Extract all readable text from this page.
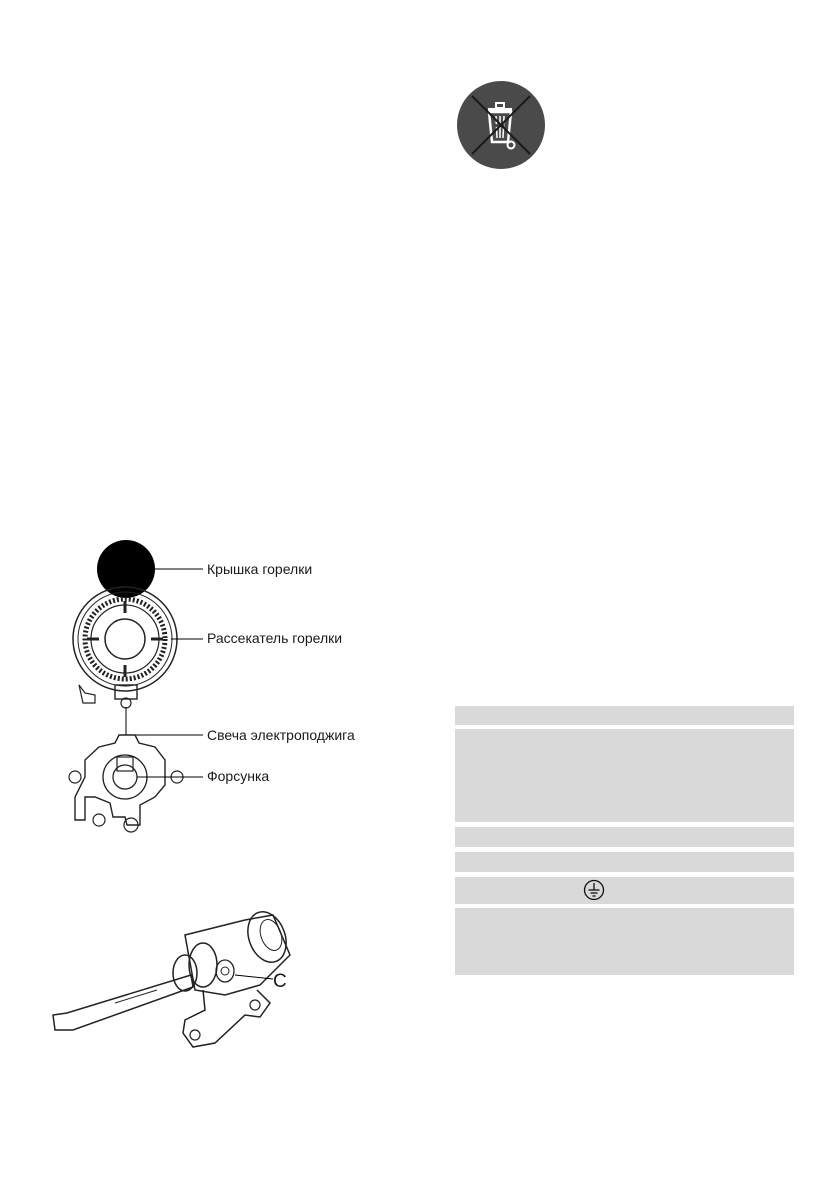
Крышка горелки
Рассекатель горелки
Свеча электроподжига
Форсунка
C
